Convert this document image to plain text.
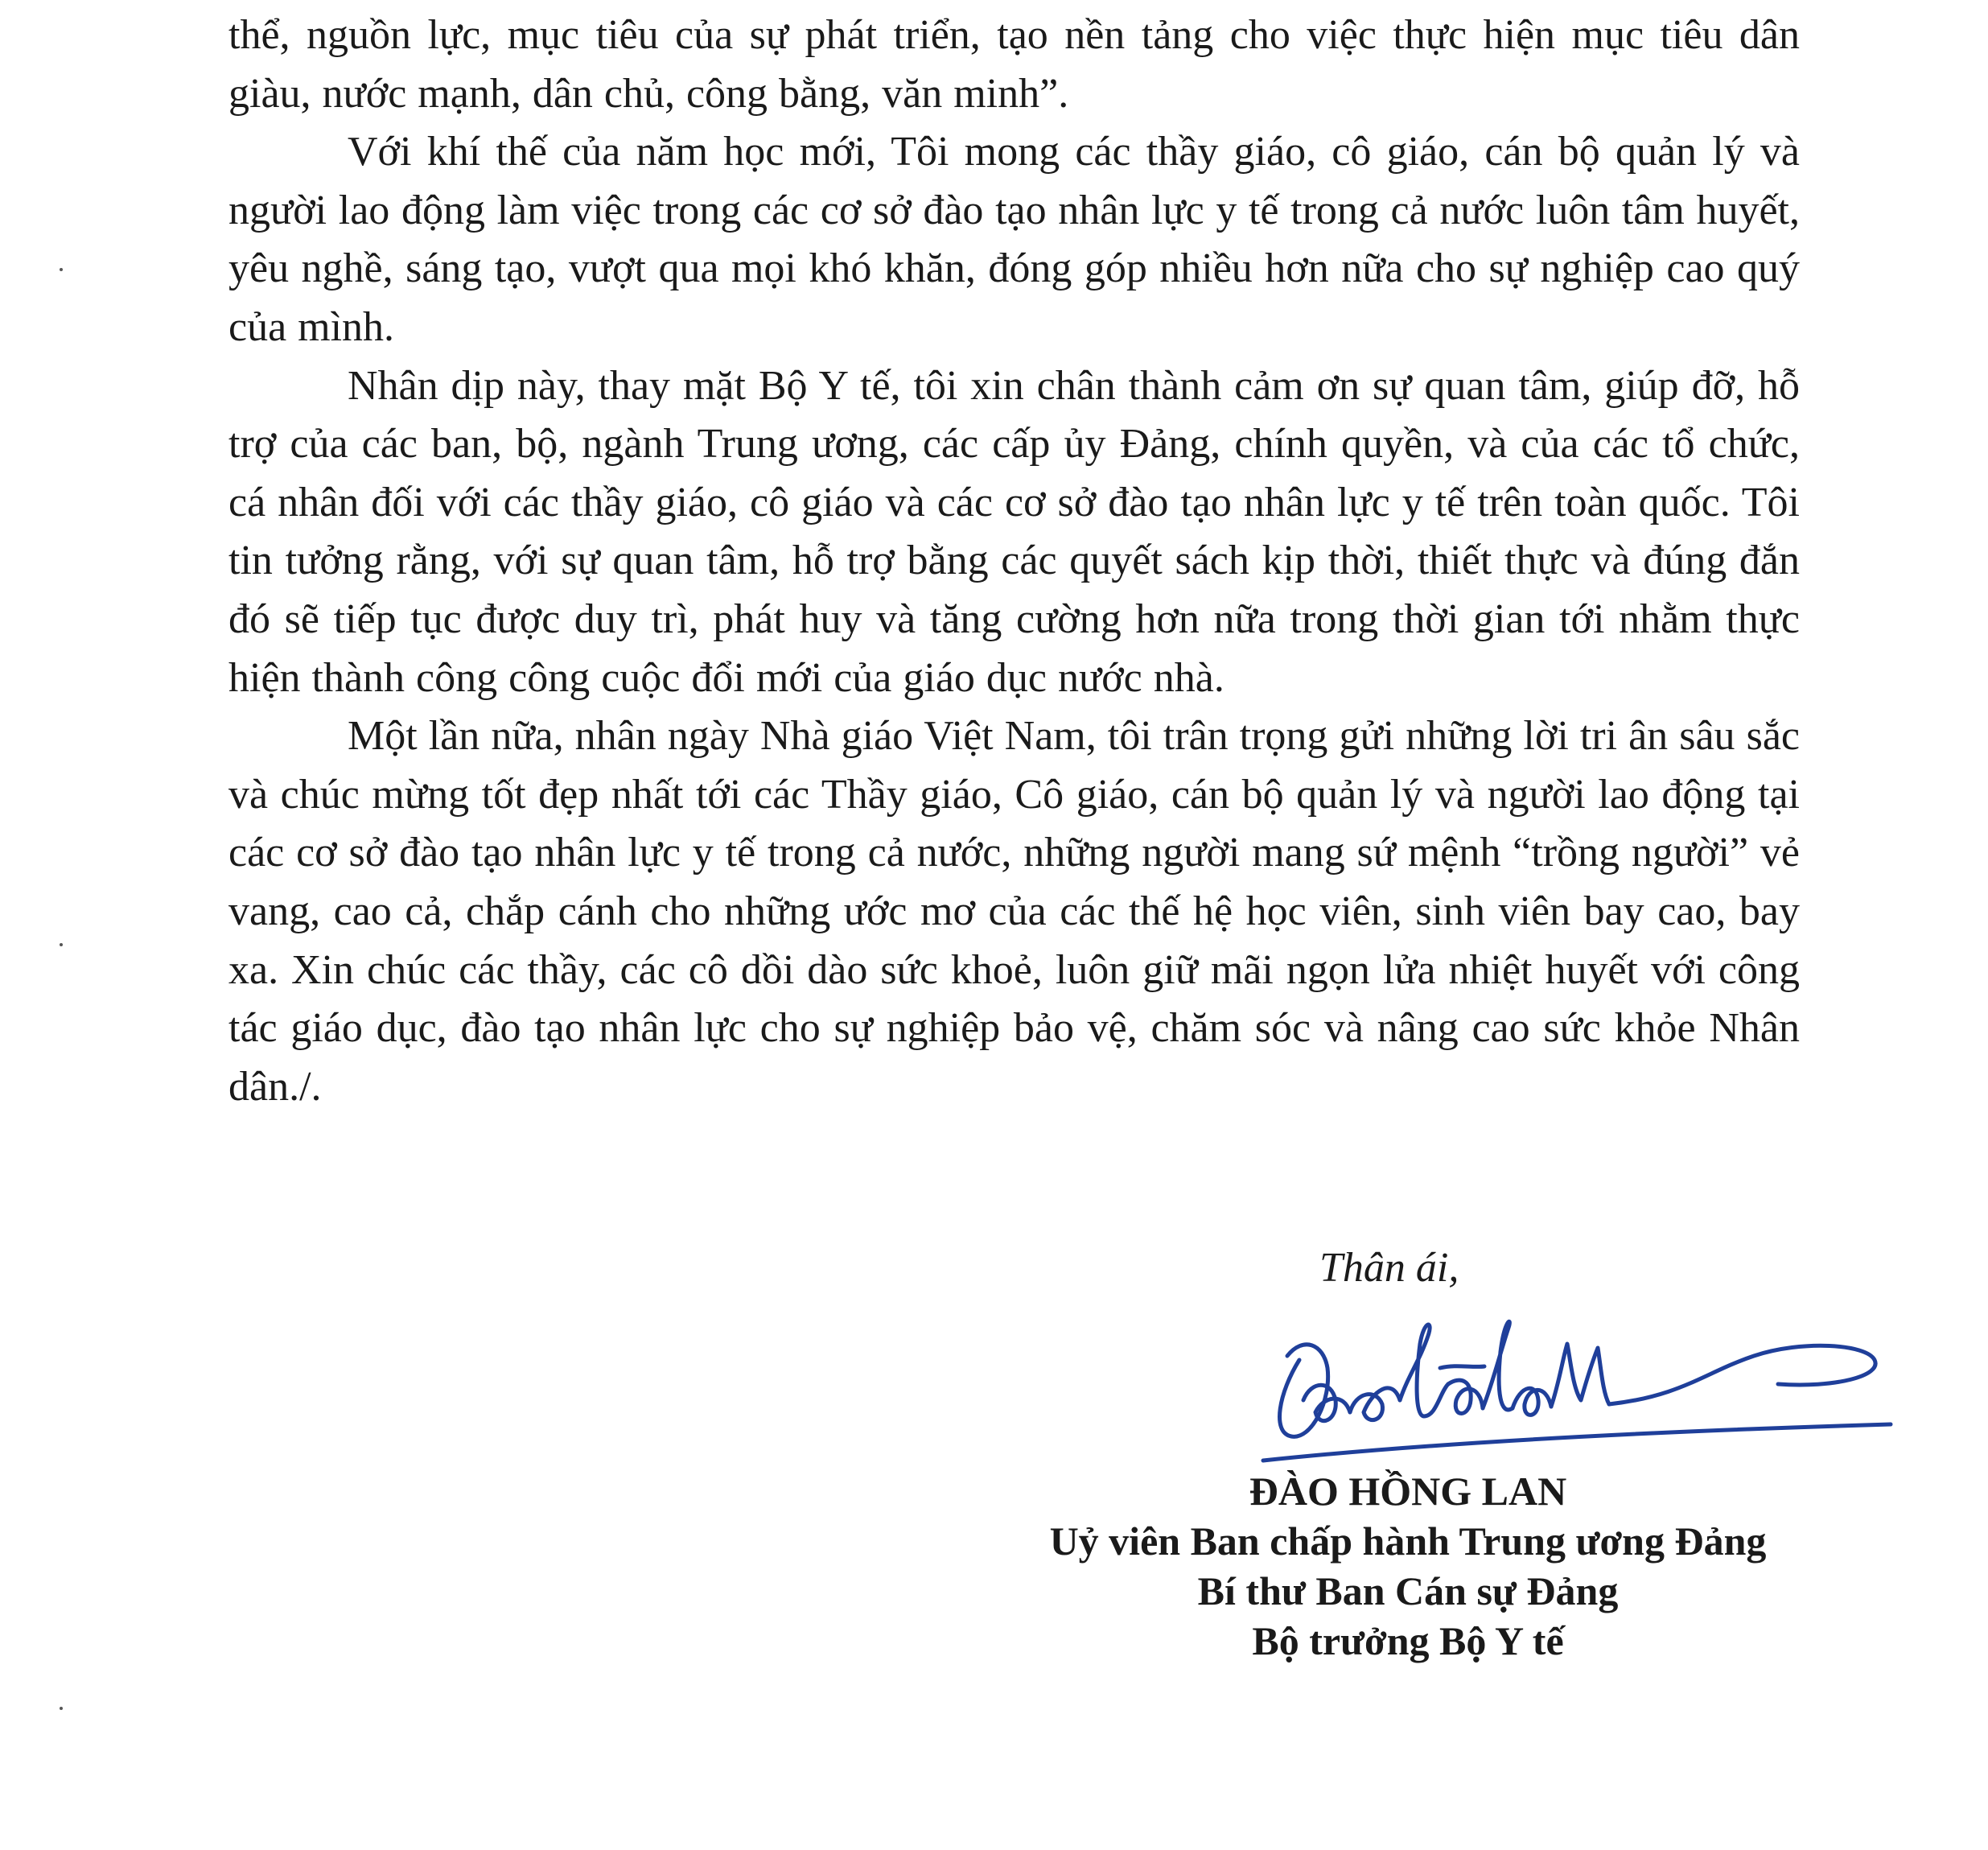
thể, nguồn lực, mục tiêu của sự phát triển, tạo nền tảng cho việc thực hiện mục tiêu dân giàu, nước mạnh, dân chủ, công bằng, văn minh”.

Với khí thế của năm học mới, Tôi mong các thầy giáo, cô giáo, cán bộ quản lý và người lao động làm việc trong các cơ sở đào tạo nhân lực y tế trong cả nước luôn tâm huyết, yêu nghề, sáng tạo, vượt qua mọi khó khăn, đóng góp nhiều hơn nữa cho sự nghiệp cao quý của mình.

Nhân dịp này, thay mặt Bộ Y tế, tôi xin chân thành cảm ơn sự quan tâm, giúp đỡ, hỗ trợ của các ban, bộ, ngành Trung ương, các cấp ủy Đảng, chính quyền, và của các tổ chức, cá nhân đối với các thầy giáo, cô giáo và các cơ sở đào tạo nhân lực y tế trên toàn quốc. Tôi tin tưởng rằng, với sự quan tâm, hỗ trợ bằng các quyết sách kịp thời, thiết thực và đúng đắn đó sẽ tiếp tục được duy trì, phát huy và tăng cường hơn nữa trong thời gian tới nhằm thực hiện thành công công cuộc đổi mới của giáo dục nước nhà.

Một lần nữa, nhân ngày Nhà giáo Việt Nam, tôi trân trọng gửi những lời tri ân sâu sắc và chúc mừng tốt đẹp nhất tới các Thầy giáo, Cô giáo, cán bộ quản lý và người lao động tại các cơ sở đào tạo nhân lực y tế trong cả nước, những người mang sứ mệnh “trồng người” vẻ vang, cao cả, chắp cánh cho những ước mơ của các thế hệ học viên, sinh viên bay cao, bay xa. Xin chúc các thầy, các cô dồi dào sức khoẻ, luôn giữ mãi ngọn lửa nhiệt huyết với công tác giáo dục, đào tạo nhân lực cho sự nghiệp bảo vệ, chăm sóc và nâng cao sức khỏe Nhân dân./.

Thân ái,
ĐÀO HỒNG LAN
Uỷ viên Ban chấp hành Trung ương Đảng
Bí thư Ban Cán sự Đảng
Bộ trưởng Bộ Y tế
